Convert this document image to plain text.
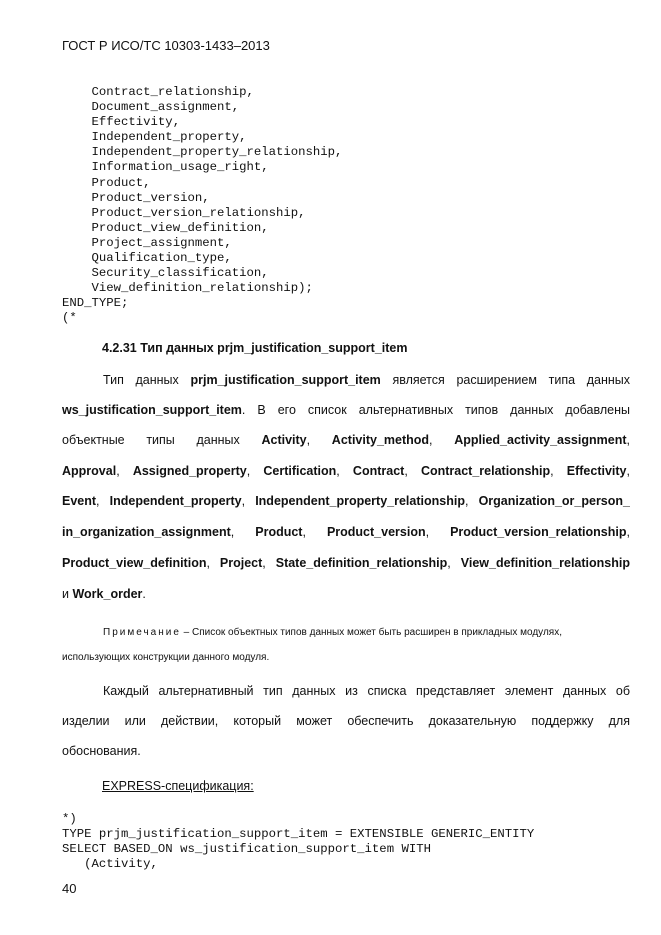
ГОСТ Р ИСО/ТС 10303-1433–2013
Contract_relationship,
Document_assignment,
Effectivity,
Independent_property,
Independent_property_relationship,
Information_usage_right,
Product,
Product_version,
Product_version_relationship,
Product_view_definition,
Project_assignment,
Qualification_type,
Security_classification,
View_definition_relationship);
END_TYPE;
(*
4.2.31 Тип данных prjm_justification_support_item
Тип данных prjm_justification_support_item является расширением типа данных
ws_justification_support_item. В его список альтернативных типов данных добавлены
объектные типы данных Activity, Activity_method, Applied_activity_assignment,
Approval, Assigned_property, Certification, Contract, Contract_relationship, Effectivity,
Event, Independent_property, Independent_property_relationship, Organization_or_person_
in_organization_assignment, Product, Product_version, Product_version_relationship,
Product_view_definition, Project, State_definition_relationship, View_definition_relationship
и Work_order.
Примечание – Список объектных типов данных может быть расширен в прикладных модулях,
использующих конструкции данного модуля.
Каждый альтернативный тип данных из списка представляет элемент данных об
изделии или действии, который может обеспечить доказательную поддержку для
обоснования.
EXPRESS-спецификация:
*)
TYPE prjm_justification_support_item = EXTENSIBLE GENERIC_ENTITY
SELECT BASED_ON ws_justification_support_item WITH
(Activity,
40
